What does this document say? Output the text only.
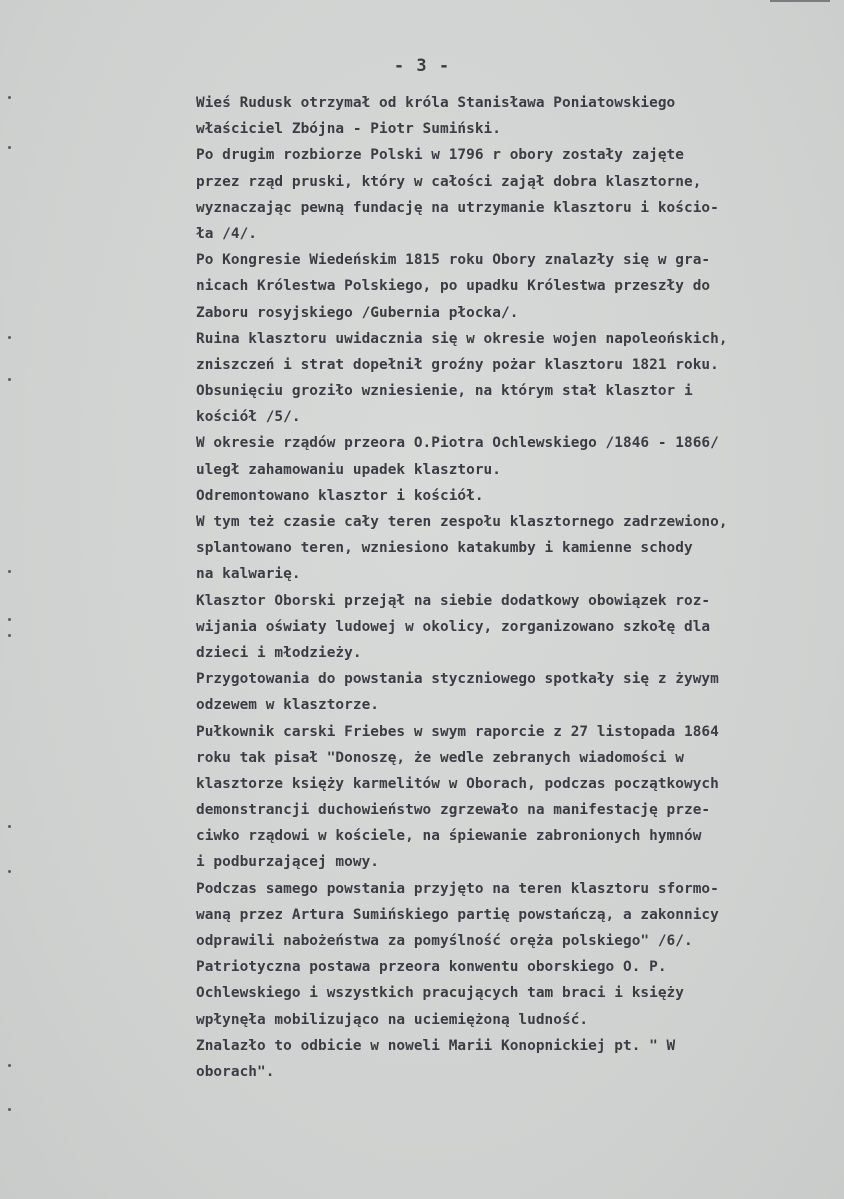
- 3 -
Wieś Rudusk otrzymał od króla Stanisława Poniatowskiego
właściciel Zbójna - Piotr Sumiński.
Po drugim rozbiorze Polski w 1796 r obory zostały zajęte
przez rząd pruski, który w całości zajął dobra klasztorne,
wyznaczając pewną fundację na utrzymanie klasztoru i kościo-
ła /4/.
Po Kongresie Wiedeńskim 1815 roku Obory znalazły się w gra-
nicach Królestwa Polskiego, po upadku Królestwa przeszły do
Zaboru rosyjskiego /Gubernia płocka/.
Ruina klasztoru uwidacznia się w okresie wojen napoleońskich,
zniszczeń i strat dopełnił groźny pożar klasztoru 1821 roku.
Obsunięciu groziło wzniesienie, na którym stał klasztor i
kościół /5/.
W okresie rządów przeora O.Piotra Ochlewskiego /1846 - 1866/
uległ zahamowaniu upadek klasztoru.
Odremontowano klasztor i kościół.
W tym też czasie cały teren zespołu klasztornego zadrzewiono,
splantowano teren, wzniesiono katakumby i kamienne schody
na kalwarię.
Klasztor Oborski przejął na siebie dodatkowy obowiązek roz-
wijania oświaty ludowej w okolicy, zorganizowano szkołę dla
dzieci i młodzieży.
Przygotowania do powstania styczniowego spotkały się z żywym
odzewem w klasztorze.
Pułkownik carski Friebes w swym raporcie z 27 listopada 1864
roku tak pisał "Donoszę, że wedle zebranych wiadomości w
klasztorze księży karmelitów w Oborach, podczas początkowych
demonstrancji duchowieństwo zgrzewało na manifestację prze-
ciwko rządowi w kościele, na śpiewanie zabronionych hymnów
i podburzającej mowy.
Podczas samego powstania przyjęto na teren klasztoru sformo-
waną przez Artura Sumińskiego partię powstańczą, a zakonnicy
odprawili nabożeństwa za pomyślność oręża polskiego" /6/.
Patriotyczna postawa przeora konwentu oborskiego O. P.
Ochlewskiego i wszystkich pracujących tam braci i księży
wpłynęła mobilizująco na uciemiężoną ludność.
Znalazło to odbicie w noweli Marii Konopnickiej pt. " W
oborach".
